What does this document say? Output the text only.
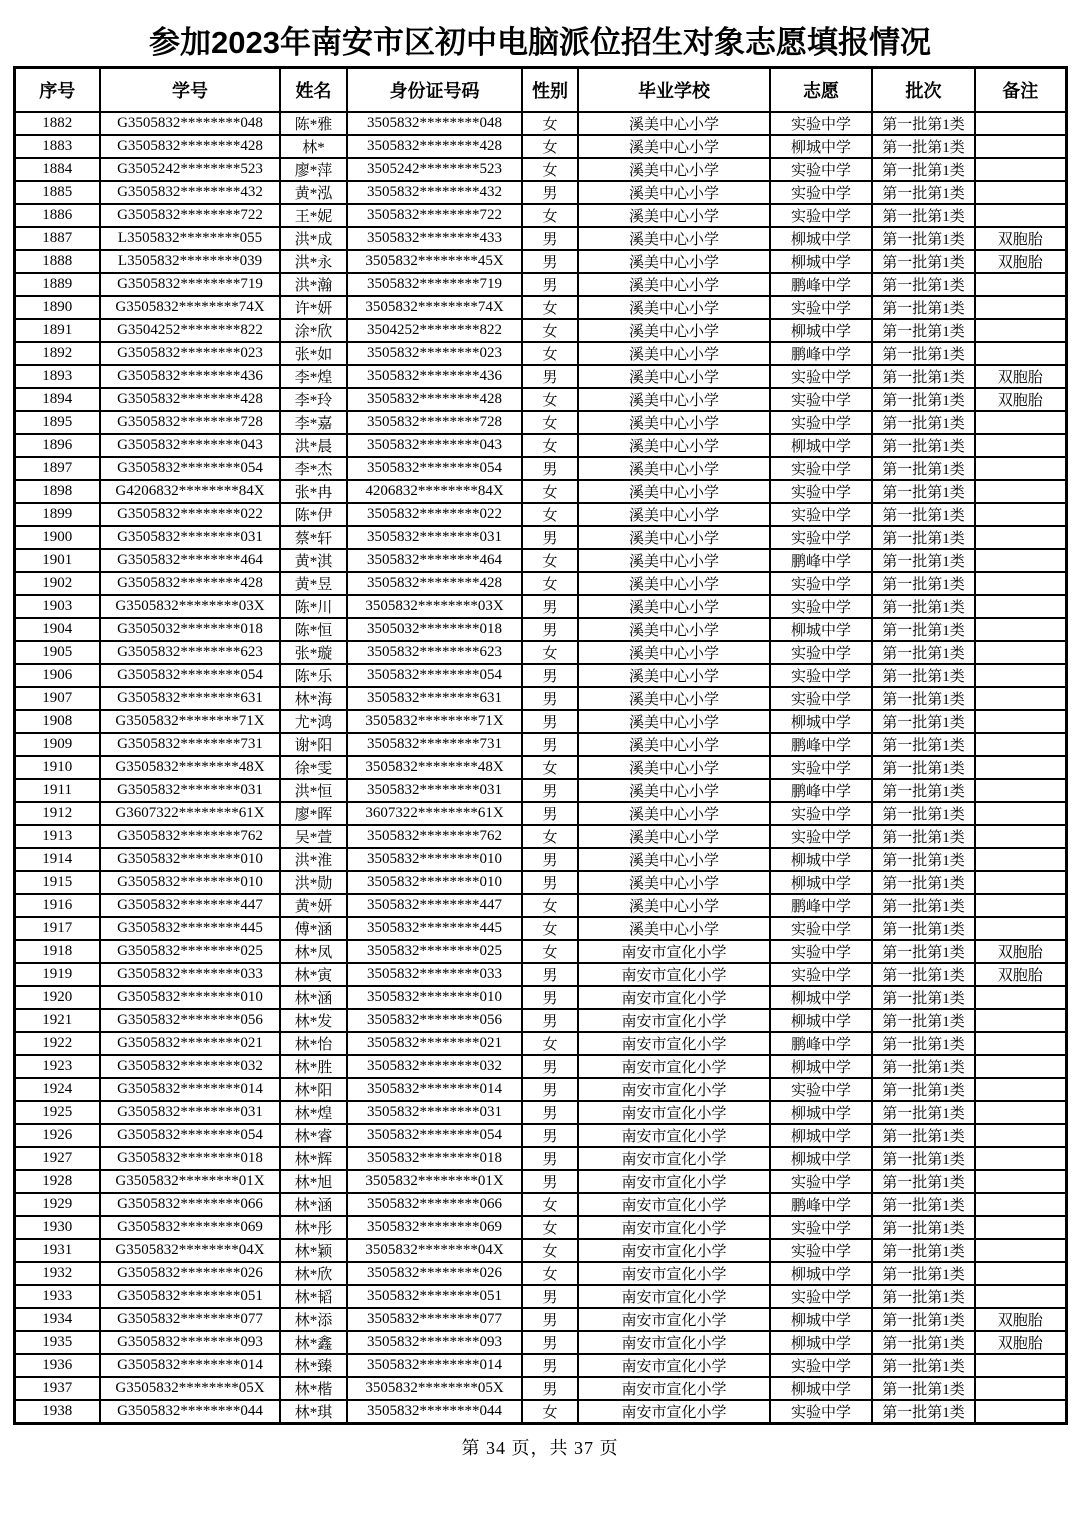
参加2023年南安市区初中电脑派位招生对象志愿填报情况
序号	学号	姓名	身份证号码	性别	毕业学校	志愿	批次	备注
1882	G3505832********048	陈*雅	3505832********048	女	溪美中心小学	实验中学	第一批第1类	
1883	G3505832********428	林*	3505832********428	女	溪美中心小学	柳城中学	第一批第1类	
1884	G3505242********523	廖*萍	3505242********523	女	溪美中心小学	实验中学	第一批第1类	
1885	G3505832********432	黄*泓	3505832********432	男	溪美中心小学	实验中学	第一批第1类	
1886	G3505832********722	王*妮	3505832********722	女	溪美中心小学	实验中学	第一批第1类	
1887	L3505832********055	洪*成	3505832********433	男	溪美中心小学	柳城中学	第一批第1类	双胞胎
1888	L3505832********039	洪*永	3505832********45X	男	溪美中心小学	柳城中学	第一批第1类	双胞胎
1889	G3505832********719	洪*瀚	3505832********719	男	溪美中心小学	鹏峰中学	第一批第1类	
1890	G3505832********74X	许*妍	3505832********74X	女	溪美中心小学	实验中学	第一批第1类	
1891	G3504252********822	涂*欣	3504252********822	女	溪美中心小学	柳城中学	第一批第1类	
1892	G3505832********023	张*如	3505832********023	女	溪美中心小学	鹏峰中学	第一批第1类	
1893	G3505832********436	李*煌	3505832********436	男	溪美中心小学	实验中学	第一批第1类	双胞胎
1894	G3505832********428	李*玲	3505832********428	女	溪美中心小学	实验中学	第一批第1类	双胞胎
1895	G3505832********728	李*嘉	3505832********728	女	溪美中心小学	实验中学	第一批第1类	
1896	G3505832********043	洪*晨	3505832********043	女	溪美中心小学	柳城中学	第一批第1类	
1897	G3505832********054	李*杰	3505832********054	男	溪美中心小学	实验中学	第一批第1类	
1898	G4206832********84X	张*冉	4206832********84X	女	溪美中心小学	实验中学	第一批第1类	
1899	G3505832********022	陈*伊	3505832********022	女	溪美中心小学	实验中学	第一批第1类	
1900	G3505832********031	蔡*轩	3505832********031	男	溪美中心小学	实验中学	第一批第1类	
1901	G3505832********464	黄*淇	3505832********464	女	溪美中心小学	鹏峰中学	第一批第1类	
1902	G3505832********428	黄*昱	3505832********428	女	溪美中心小学	实验中学	第一批第1类	
1903	G3505832********03X	陈*川	3505832********03X	男	溪美中心小学	实验中学	第一批第1类	
1904	G3505032********018	陈*恒	3505032********018	男	溪美中心小学	柳城中学	第一批第1类	
1905	G3505832********623	张*璇	3505832********623	女	溪美中心小学	实验中学	第一批第1类	
1906	G3505832********054	陈*乐	3505832********054	男	溪美中心小学	实验中学	第一批第1类	
1907	G3505832********631	林*海	3505832********631	男	溪美中心小学	实验中学	第一批第1类	
1908	G3505832********71X	尤*鸿	3505832********71X	男	溪美中心小学	柳城中学	第一批第1类	
1909	G3505832********731	谢*阳	3505832********731	男	溪美中心小学	鹏峰中学	第一批第1类	
1910	G3505832********48X	徐*雯	3505832********48X	女	溪美中心小学	实验中学	第一批第1类	
1911	G3505832********031	洪*恒	3505832********031	男	溪美中心小学	鹏峰中学	第一批第1类	
1912	G3607322********61X	廖*晖	3607322********61X	男	溪美中心小学	实验中学	第一批第1类	
1913	G3505832********762	吴*萱	3505832********762	女	溪美中心小学	实验中学	第一批第1类	
1914	G3505832********010	洪*淮	3505832********010	男	溪美中心小学	柳城中学	第一批第1类	
1915	G3505832********010	洪*勋	3505832********010	男	溪美中心小学	柳城中学	第一批第1类	
1916	G3505832********447	黄*妍	3505832********447	女	溪美中心小学	鹏峰中学	第一批第1类	
1917	G3505832********445	傅*涵	3505832********445	女	溪美中心小学	实验中学	第一批第1类	
1918	G3505832********025	林*凤	3505832********025	女	南安市宣化小学	实验中学	第一批第1类	双胞胎
1919	G3505832********033	林*寅	3505832********033	男	南安市宣化小学	实验中学	第一批第1类	双胞胎
1920	G3505832********010	林*涵	3505832********010	男	南安市宣化小学	柳城中学	第一批第1类	
1921	G3505832********056	林*发	3505832********056	男	南安市宣化小学	柳城中学	第一批第1类	
1922	G3505832********021	林*怡	3505832********021	女	南安市宣化小学	鹏峰中学	第一批第1类	
1923	G3505832********032	林*胜	3505832********032	男	南安市宣化小学	柳城中学	第一批第1类	
1924	G3505832********014	林*阳	3505832********014	男	南安市宣化小学	实验中学	第一批第1类	
1925	G3505832********031	林*煌	3505832********031	男	南安市宣化小学	柳城中学	第一批第1类	
1926	G3505832********054	林*睿	3505832********054	男	南安市宣化小学	柳城中学	第一批第1类	
1927	G3505832********018	林*辉	3505832********018	男	南安市宣化小学	柳城中学	第一批第1类	
1928	G3505832********01X	林*旭	3505832********01X	男	南安市宣化小学	实验中学	第一批第1类	
1929	G3505832********066	林*涵	3505832********066	女	南安市宣化小学	鹏峰中学	第一批第1类	
1930	G3505832********069	林*彤	3505832********069	女	南安市宣化小学	实验中学	第一批第1类	
1931	G3505832********04X	林*颖	3505832********04X	女	南安市宣化小学	实验中学	第一批第1类	
1932	G3505832********026	林*欣	3505832********026	女	南安市宣化小学	柳城中学	第一批第1类	
1933	G3505832********051	林*韬	3505832********051	男	南安市宣化小学	实验中学	第一批第1类	
1934	G3505832********077	林*添	3505832********077	男	南安市宣化小学	柳城中学	第一批第1类	双胞胎
1935	G3505832********093	林*鑫	3505832********093	男	南安市宣化小学	柳城中学	第一批第1类	双胞胎
1936	G3505832********014	林*臻	3505832********014	男	南安市宣化小学	实验中学	第一批第1类	
1937	G3505832********05X	林*楷	3505832********05X	男	南安市宣化小学	柳城中学	第一批第1类	
1938	G3505832********044	林*琪	3505832********044	女	南安市宣化小学	实验中学	第一批第1类	
第 34 页，共 37 页
